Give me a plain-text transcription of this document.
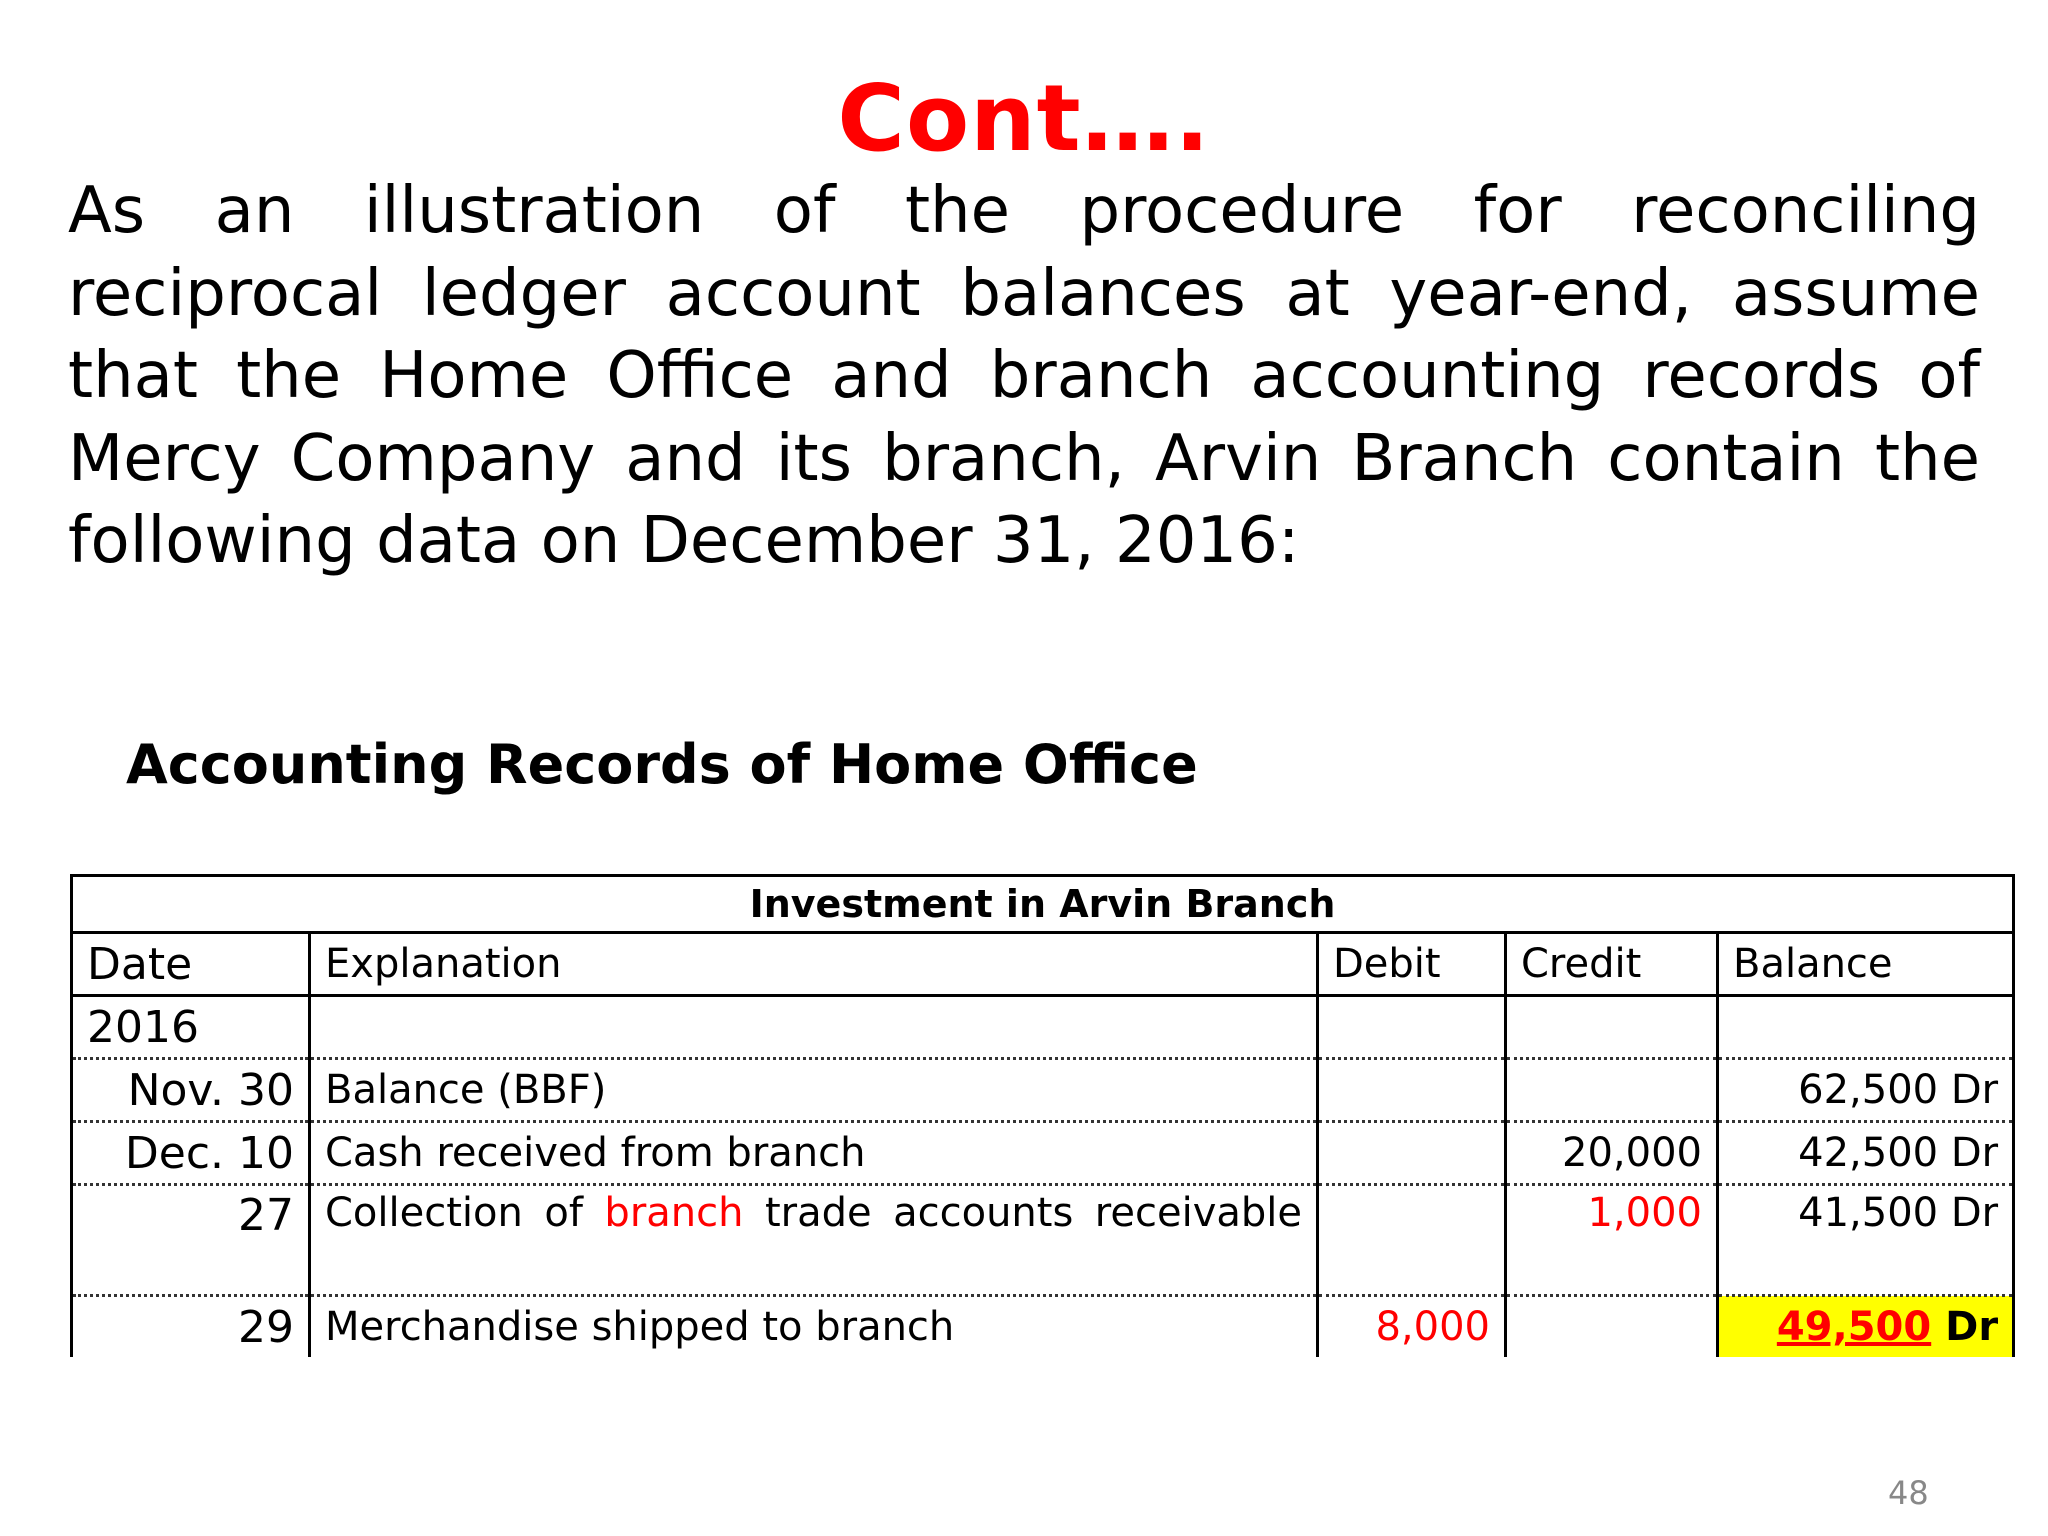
Cont….
As an illustration of the procedure for reconciling
reciprocal ledger account balances at year-end, assume
that the Home Office and branch accounting records of
Mercy Company and its branch, Arvin Branch contain the
following data on December 31, 2016:
Accounting Records of Home Office
Investment in Arvin Branch				
Date	Explanation	Debit	Credit	Balance
2016				
Nov. 30	Balance (BBF)			62,500 Dr
Dec. 10	Cash received from branch		20,000	42,500 Dr
27	Collection of branch trade accounts receivable		1,000	41,500 Dr
29	Merchandise shipped to branch	8,000		49,500 Dr
48
